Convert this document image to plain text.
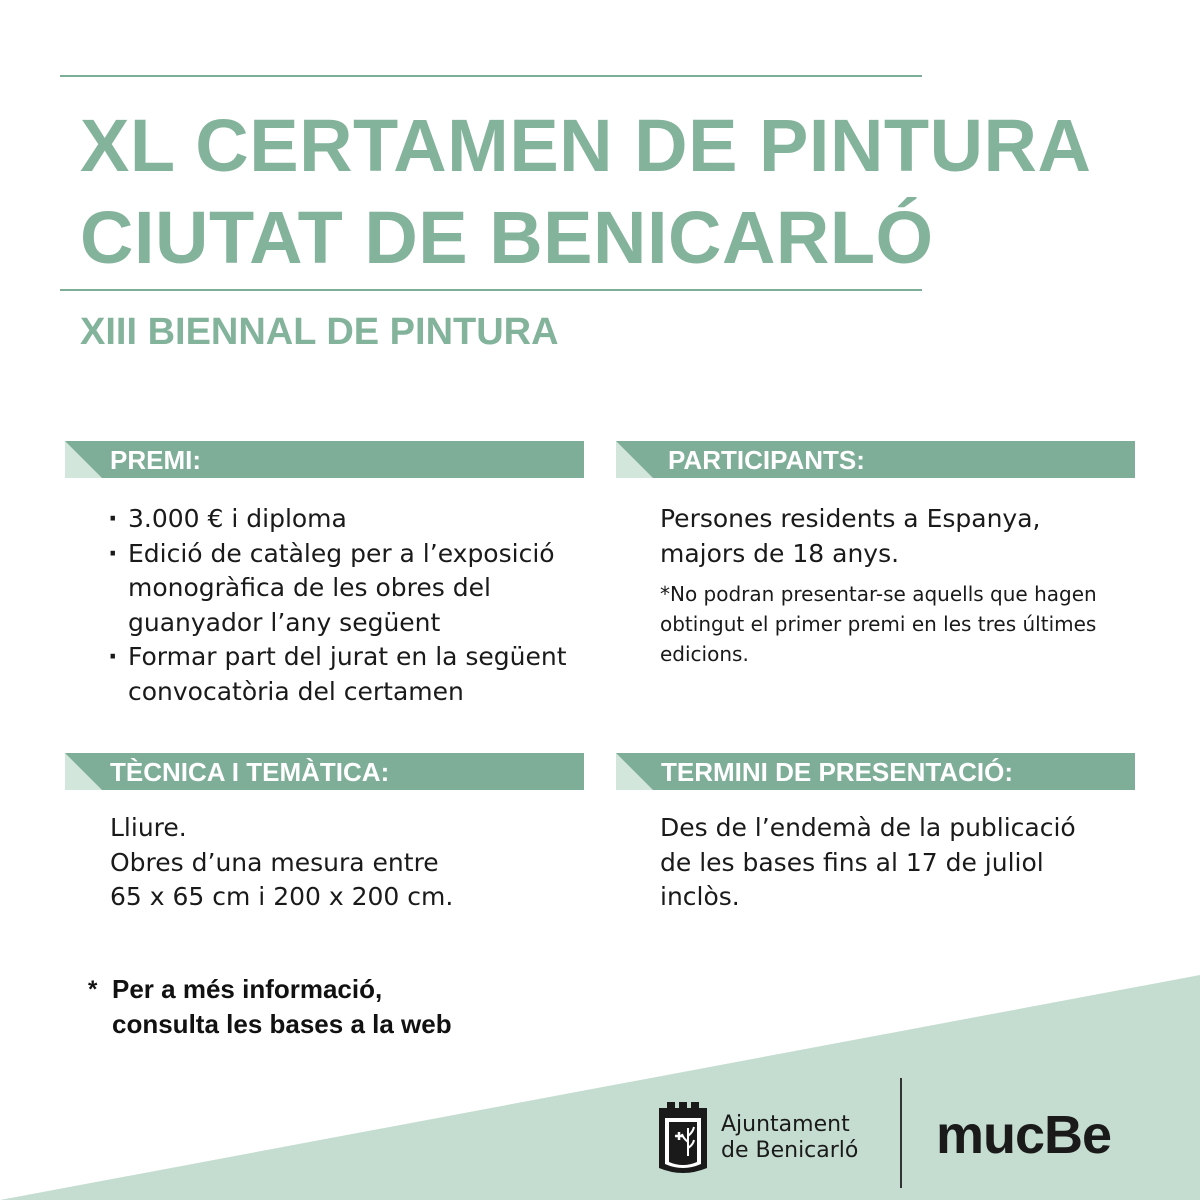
XL CERTAMEN DE PINTURA
CIUTAT DE BENICARLÓ
XIII BIENNAL DE PINTURA
PREMI:
· 3.000 € i diploma
· Edició de catàleg per a l’exposició monogràfica de les obres del guanyador l’any següent
· Formar part del jurat en la següent convocatòria del certamen
PARTICIPANTS:
Persones residents a Espanya, majors de 18 anys.
*No podran presentar-se aquells que hagen obtingut el primer premi en les tres últimes edicions.
TÈCNICA I TEMÀTICA:
Lliure.
Obres d’una mesura entre
65 x 65 cm i 200 x 200 cm.
TERMINI DE PRESENTACIÓ:
Des de l’endemà de la publicació de les bases fins al 17 de juliol inclòs.
* Per a més informació,
consulta les bases a la web
Ajuntament
de Benicarló mucBe
